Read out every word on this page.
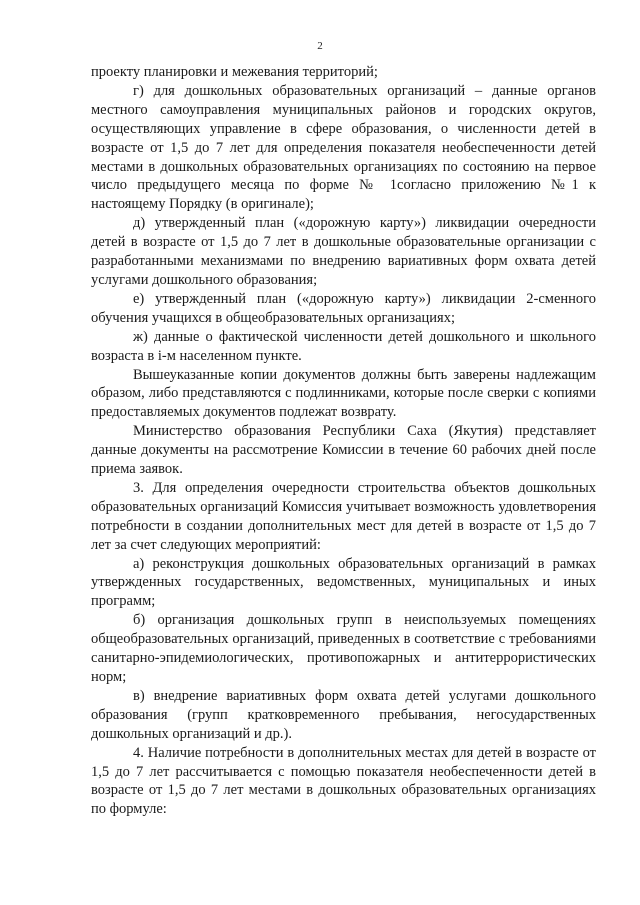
2

проекту планировки и межевания территорий;

г) для дошкольных образовательных организаций – данные органов местного самоуправления муниципальных районов и городских округов, осуществляющих управление в сфере образования, о численности детей в возрасте от 1,5 до 7 лет для определения показателя необеспеченности детей местами в дошкольных образовательных организациях по состоянию на первое число предыдущего месяца по форме № 1согласно приложению №1 к настоящему Порядку (в оригинале);

д) утвержденный план («дорожную карту») ликвидации очередности детей в возрасте от 1,5 до 7 лет в дошкольные образовательные организации с разработанными механизмами по внедрению вариативных форм охвата детей услугами дошкольного образования;

е) утвержденный план («дорожную карту») ликвидации 2-сменного обучения учащихся в общеобразовательных организациях;

ж) данные о фактической численности детей дошкольного и школьного возраста в i-м населенном пункте.

Вышеуказанные копии документов должны быть заверены надлежащим образом, либо представляются с подлинниками, которые после сверки с копиями предоставляемых документов подлежат возврату.

Министерство образования Республики Саха (Якутия) представляет данные документы на рассмотрение Комиссии в течение 60 рабочих дней после приема заявок.

3. Для определения очередности строительства объектов дошкольных образовательных организаций Комиссия учитывает возможность удовлетворения потребности в создании дополнительных мест для детей в возрасте от 1,5 до 7 лет за счет следующих мероприятий:

а) реконструкция дошкольных образовательных организаций в рамках утвержденных государственных, ведомственных, муниципальных и иных программ;

б) организация дошкольных групп в неиспользуемых помещениях общеобразовательных организаций, приведенных в соответствие с требованиями санитарно-эпидемиологических, противопожарных и антитеррористических норм;

в) внедрение вариативных форм охвата детей услугами дошкольного образования (групп кратковременного пребывания, негосударственных дошкольных организаций и др.).

4. Наличие потребности в дополнительных местах для детей в возрасте от 1,5 до 7 лет рассчитывается с помощью показателя необеспеченности детей в возрасте от 1,5 до 7 лет местами в дошкольных образовательных организациях по формуле:
